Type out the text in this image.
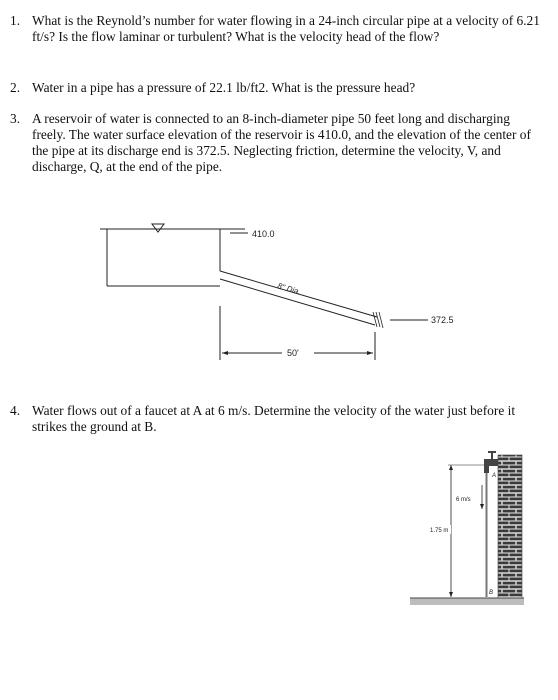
1. What is the Reynold’s number for water flowing in a 24-inch circular pipe at a velocity of 6.21 ft/s? Is the flow laminar or turbulent? What is the velocity head of the flow?
2. Water in a pipe has a pressure of 22.1 lb/ft2. What is the pressure head?
3. A reservoir of water is connected to an 8-inch-diameter pipe 50 feet long and discharging freely. The water surface elevation of the reservoir is 410.0, and the elevation of the center of the pipe at its discharge end is 372.5. Neglecting friction, determine the velocity, V, and discharge, Q, at the end of the pipe.
410.0
8" Dia.
372.5
50'
4. Water flows out of a faucet at A at 6 m/s. Determine the velocity of the water just before it strikes the ground at B.
A
6 m/s
1.75 m
B
